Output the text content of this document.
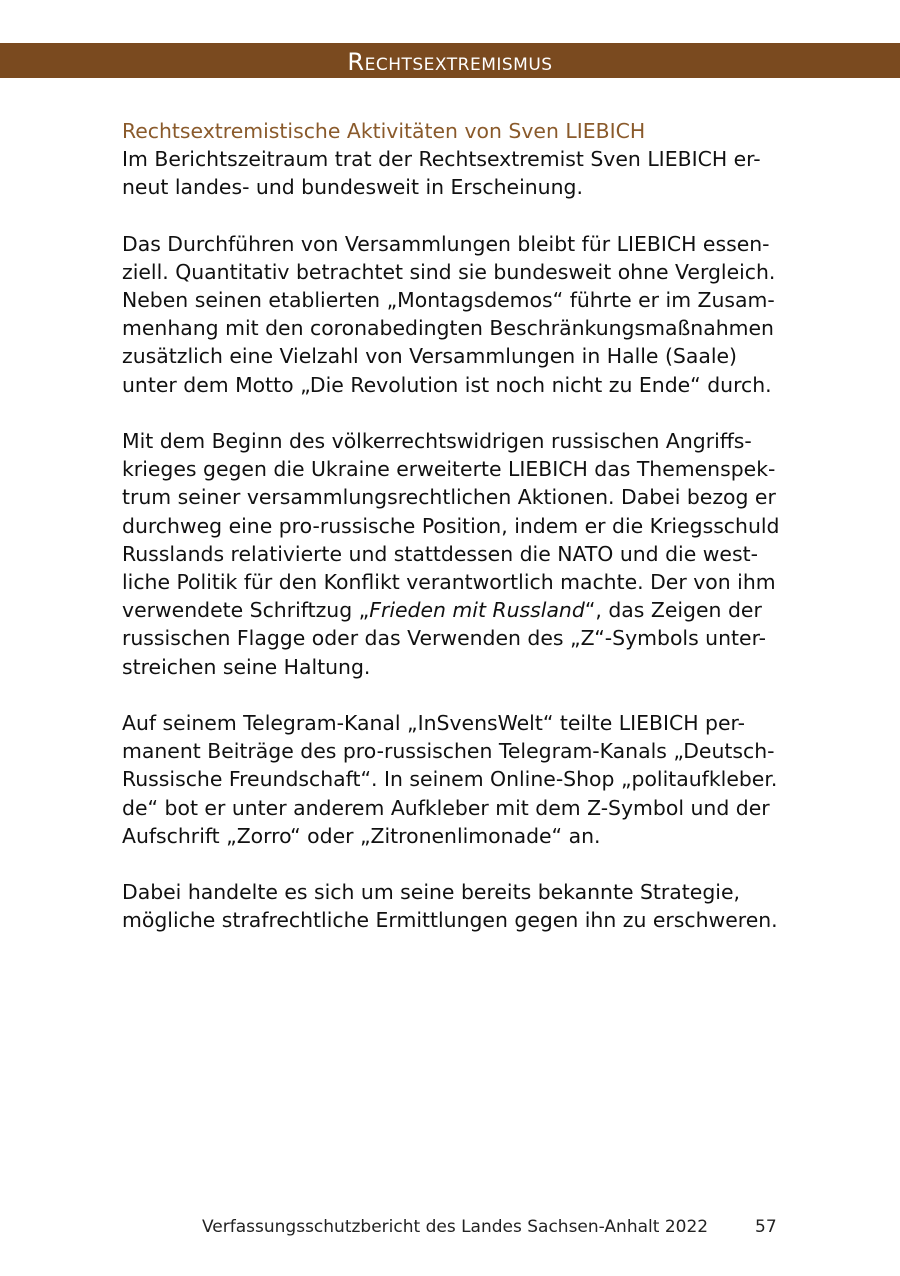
Rechtsextremismus
Rechtsextremistische Aktivitäten von Sven LIEBICH

Im Berichtszeitraum trat der Rechtsextremist Sven LIEBICH er-
neut landes- und bundesweit in Erscheinung.

Das Durchführen von Versammlungen bleibt für LIEBICH essen-
ziell. Quantitativ betrachtet sind sie bundesweit ohne Vergleich.
Neben seinen etablierten „Montagsdemos“ führte er im Zusam-
menhang mit den coronabedingten Beschränkungsmaßnahmen
zusätzlich eine Vielzahl von Versammlungen in Halle (Saale)
unter dem Motto „Die Revolution ist noch nicht zu Ende“ durch.

Mit dem Beginn des völkerrechtswidrigen russischen Angriffs-
krieges gegen die Ukraine erweiterte LIEBICH das Themenspek-
trum seiner versammlungsrechtlichen Aktionen. Dabei bezog er
durchweg eine pro-russische Position, indem er die Kriegsschuld
Russlands relativierte und stattdessen die NATO und die west-
liche Politik für den Konflikt verantwortlich machte. Der von ihm
verwendete Schriftzug „Frieden mit Russland“, das Zeigen der
russischen Flagge oder das Verwenden des „Z“-Symbols unter-
streichen seine Haltung.

Auf seinem Telegram-Kanal „InSvensWelt“ teilte LIEBICH per-
manent Beiträge des pro-russischen Telegram-Kanals „Deutsch-
Russische Freundschaft“. In seinem Online-Shop „politaufkleber.
de“ bot er unter anderem Aufkleber mit dem Z-Symbol und der
Aufschrift „Zorro“ oder „Zitronenlimonade“ an.

Dabei handelte es sich um seine bereits bekannte Strategie,
mögliche strafrechtliche Ermittlungen gegen ihn zu erschweren.

Verfassungsschutzbericht des Landes Sachsen-Anhalt 2022	57
